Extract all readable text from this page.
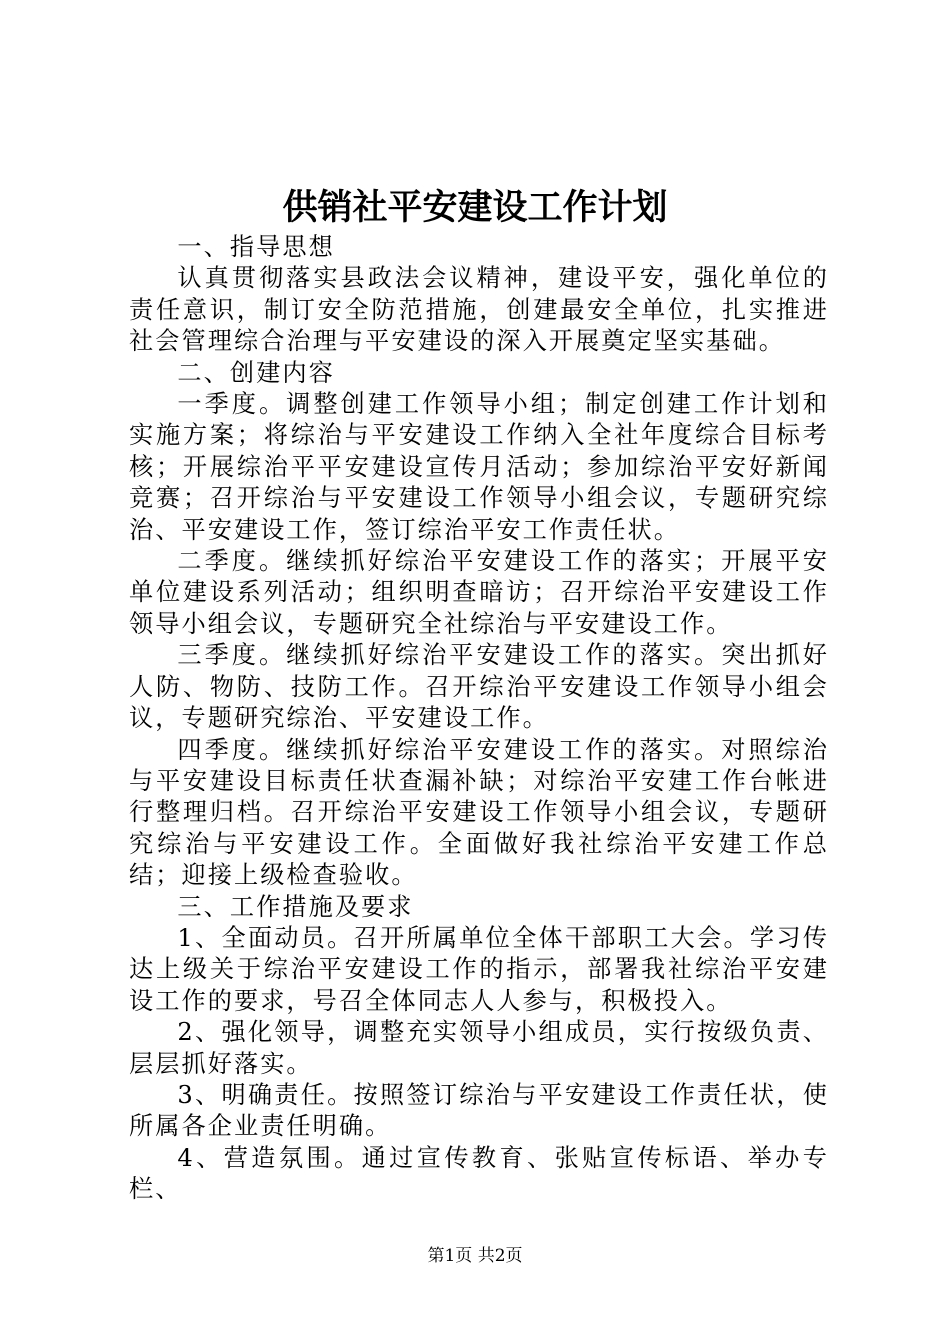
供销社平安建设工作计划

一、指导思想

认真贯彻落实县政法会议精神，建设平安，强化单位的责任意识，制订安全防范措施，创建最安全单位，扎实推进社会管理综合治理与平安建设的深入开展奠定坚实基础。

二、创建内容

一季度。调整创建工作领导小组；制定创建工作计划和实施方案；将综治与平安建设工作纳入全社年度综合目标考核；开展综治平平安建设宣传月活动；参加综治平安好新闻竞赛；召开综治与平安建设工作领导小组会议，专题研究综治、平安建设工作，签订综治平安工作责任状。

二季度。继续抓好综治平安建设工作的落实；开展平安单位建设系列活动；组织明查暗访；召开综治平安建设工作领导小组会议，专题研究全社综治与平安建设工作。

三季度。继续抓好综治平安建设工作的落实。突出抓好人防、物防、技防工作。召开综治平安建设工作领导小组会议，专题研究综治、平安建设工作。

四季度。继续抓好综治平安建设工作的落实。对照综治与平安建设目标责任状查漏补缺；对综治平安建工作台帐进行整理归档。召开综治平安建设工作领导小组会议，专题研究综治与平安建设工作。全面做好我社综治平安建工作总结；迎接上级检查验收。

三、工作措施及要求

1、全面动员。召开所属单位全体干部职工大会。学习传达上级关于综治平安建设工作的指示，部署我社综治平安建设工作的要求，号召全体同志人人参与，积极投入。

2、强化领导，调整充实领导小组成员，实行按级负责、层层抓好落实。

3、明确责任。按照签订综治与平安建设工作责任状，使所属各企业责任明确。

4、营造氛围。通过宣传教育、张贴宣传标语、举办专栏、

第1页 共2页
